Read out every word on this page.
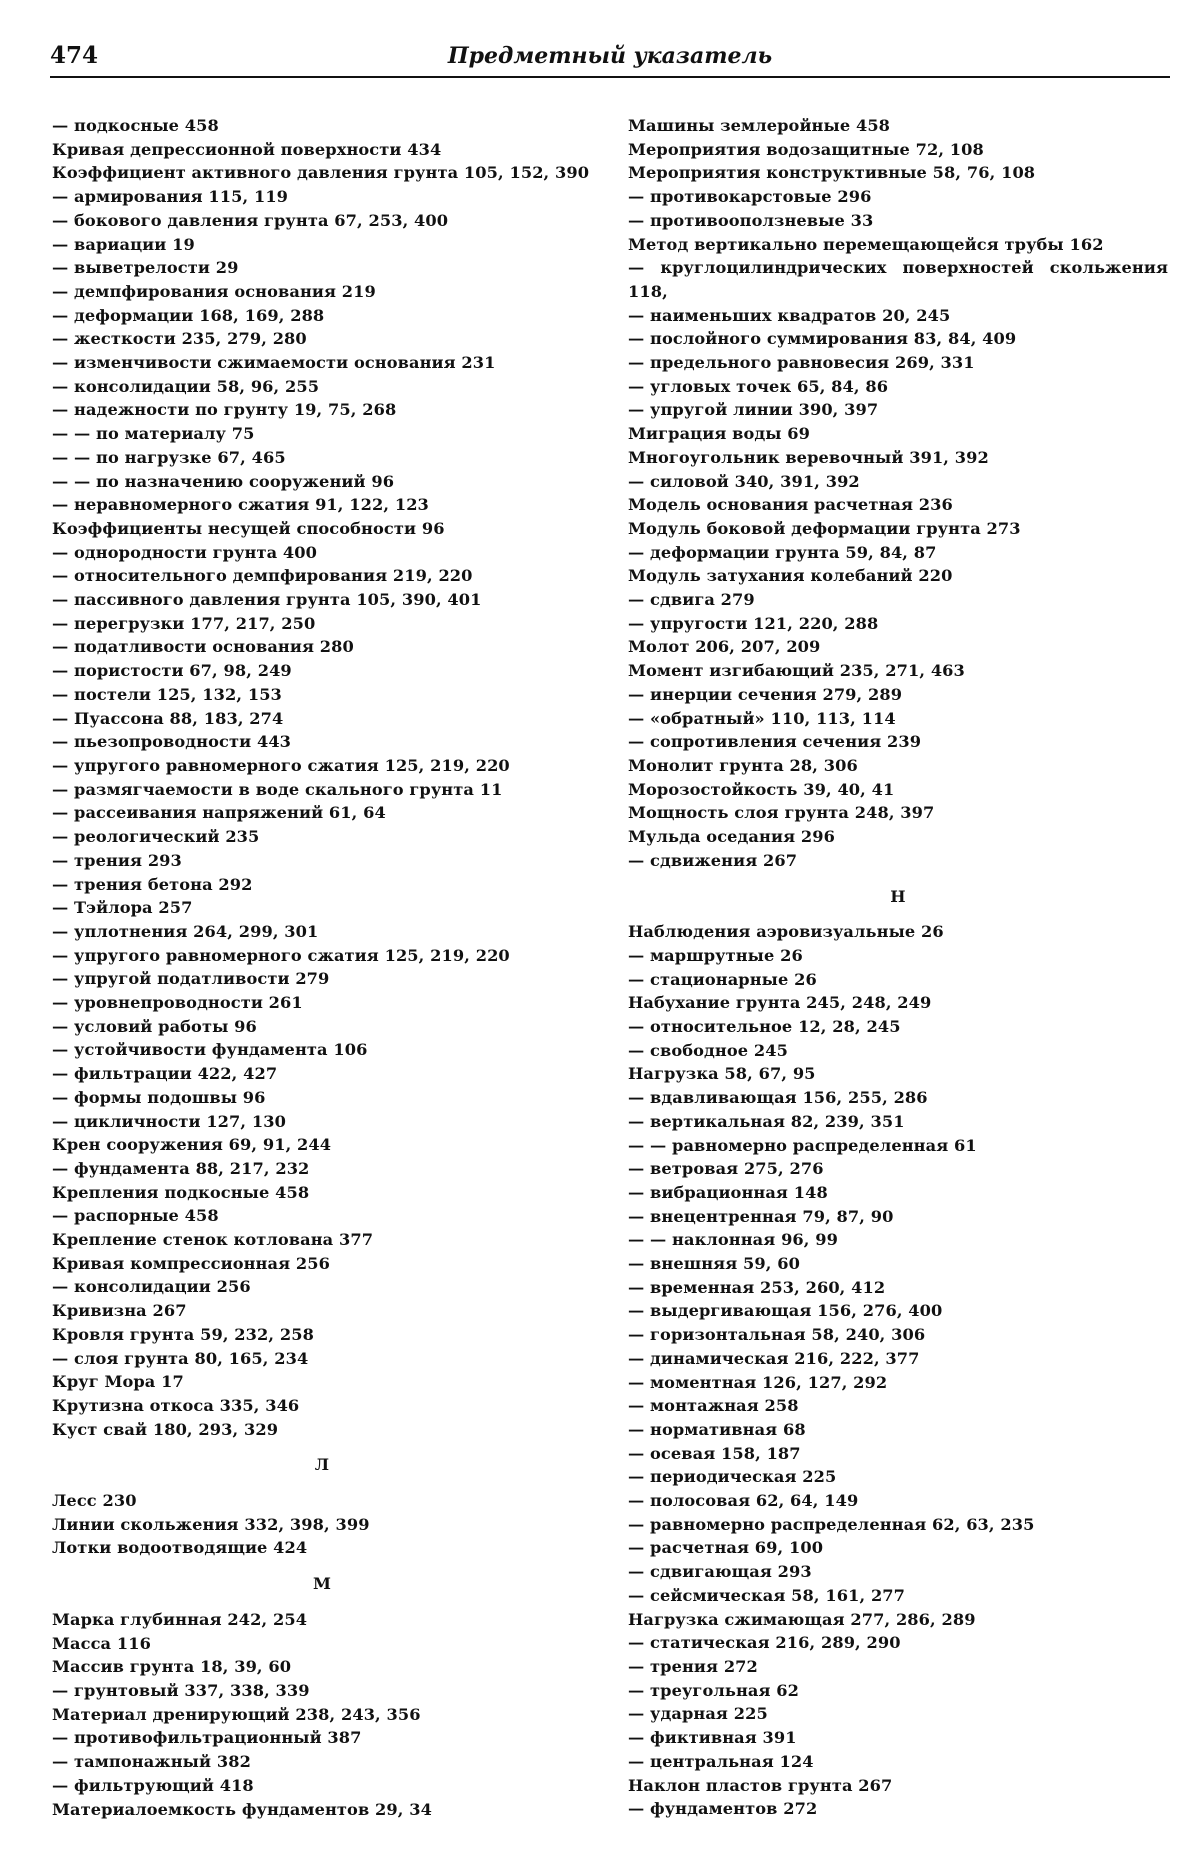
474	Предметный указатель
— подкосные 458
Кривая депрессионной поверхности 434
Коэффициент активного давления грунта 105, 152, 390
— армирования 115, 119
— бокового давления грунта 67, 253, 400
— вариации 19
— выветрелости 29
— демпфирования основания 219
— деформации 168, 169, 288
— жесткости 235, 279, 280
— изменчивости сжимаемости основания 231
— консолидации 58, 96, 255
— надежности по грунту 19, 75, 268
— — по материалу 75
— — по нагрузке 67, 465
— — по назначению сооружений 96
— неравномерного сжатия 91, 122, 123
Коэффициенты несущей способности 96
— однородности грунта 400
— относительного демпфирования 219, 220
— пассивного давления грунта 105, 390, 401
— перегрузки 177, 217, 250
— податливости основания 280
— пористости 67, 98, 249
— постели 125, 132, 153
— Пуассона 88, 183, 274
— пьезопроводности 443
— упругого равномерного сжатия 125, 219, 220
— размягчаемости в воде скального грунта 11
— рассеивания напряжений 61, 64
— реологический 235
— трения 293
— трения бетона 292
— Тэйлора 257
— уплотнения 264, 299, 301
— упругого равномерного сжатия 125, 219, 220
— упругой податливости 279
— уровнепроводности 261
— условий работы 96
— устойчивости фундамента 106
— фильтрации 422, 427
— формы подошвы 96
— цикличности 127, 130
Крен сооружения 69, 91, 244
— фундамента 88, 217, 232
Крепления подкосные 458
— распорные 458
Крепление стенок котлована 377
Кривая компрессионная 256
— консолидации 256
Кривизна 267
Кровля грунта 59, 232, 258
— слоя грунта 80, 165, 234
Круг Мора 17
Крутизна откоса 335, 346
Куст свай 180, 293, 329
Л
Лесс 230
Линии скольжения 332, 398, 399
Лотки водоотводящие 424
М
Марка глубинная 242, 254
Масса 116
Массив грунта 18, 39, 60
— грунтовый 337, 338, 339
Материал дренирующий 238, 243, 356
— противофильтрационный 387
— тампонажный 382
— фильтрующий 418
Материалоемкость фундаментов 29, 34
Машины землеройные 458
Мероприятия водозащитные 72, 108
Мероприятия конструктивные 58, 76, 108
— противокарстовые 296
— противооползневые 33
Метод вертикально перемещающейся трубы 162
— круглоцилиндрических поверхностей скольжения
118,
— наименьших квадратов 20, 245
— послойного суммирования 83, 84, 409
— предельного равновесия 269, 331
— угловых точек 65, 84, 86
— упругой линии 390, 397
Миграция воды 69
Многоугольник веревочный 391, 392
— силовой 340, 391, 392
Модель основания расчетная 236
Модуль боковой деформации грунта 273
— деформации грунта 59, 84, 87
Модуль затухания колебаний 220
— сдвига 279
— упругости 121, 220, 288
Молот 206, 207, 209
Момент изгибающий 235, 271, 463
— инерции сечения 279, 289
— «обратный» 110, 113, 114
— сопротивления сечения 239
Монолит грунта 28, 306
Морозостойкость 39, 40, 41
Мощность слоя грунта 248, 397
Мульда оседания 296
— сдвижения 267
Н
Наблюдения аэровизуальные 26
— маршрутные 26
— стационарные 26
Набухание грунта 245, 248, 249
— относительное 12, 28, 245
— свободное 245
Нагрузка 58, 67, 95
— вдавливающая 156, 255, 286
— вертикальная 82, 239, 351
— — равномерно распределенная 61
— ветровая 275, 276
— вибрационная 148
— внецентренная 79, 87, 90
— — наклонная 96, 99
— внешняя 59, 60
— временная 253, 260, 412
— выдергивающая 156, 276, 400
— горизонтальная 58, 240, 306
— динамическая 216, 222, 377
— моментная 126, 127, 292
— монтажная 258
— нормативная 68
— осевая 158, 187
— периодическая 225
— полосовая 62, 64, 149
— равномерно распределенная 62, 63, 235
— расчетная 69, 100
— сдвигающая 293
— сейсмическая 58, 161, 277
Нагрузка сжимающая 277, 286, 289
— статическая 216, 289, 290
— трения 272
— треугольная 62
— ударная 225
— фиктивная 391
— центральная 124
Наклон пластов грунта 267
— фундаментов 272
